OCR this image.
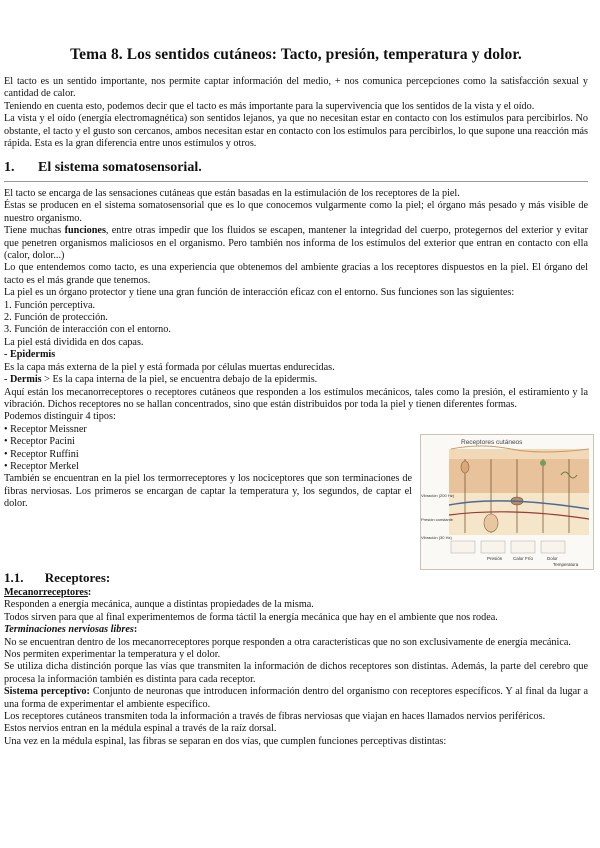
Tema 8. Los sentidos cutáneos: Tacto, presión, temperatura y dolor.

El tacto es un sentido importante, nos permite captar información del medio, + nos comunica percepciones como la satisfacción sexual y cantidad de calor.

Teniendo en cuenta esto, podemos decir que el tacto es más importante para la supervivencia que los sentidos de la vista y el oído.

La vista y el oído (energía electromagnética) son sentidos lejanos, ya que no necesitan estar en contacto con los estímulos para percibirlos. No obstante, el tacto y el gusto son cercanos, ambos necesitan estar en contacto con los estímulos para percibirlos, lo que supone una reacción más rápida. Esta es la gran diferencia entre unos estímulos y otros.

1. El sistema somatosensorial.

El tacto se encarga de las sensaciones cutáneas que están basadas en la estimulación de los receptores de la piel.

Éstas se producen en el sistema somatosensorial que es lo que conocemos vulgarmente como la piel; el órgano más pesado y más visible de nuestro organismo.

Tiene muchas funciones, entre otras impedir que los fluidos se escapen, mantener la integridad del cuerpo, protegernos del exterior y evitar que penetren organismos maliciosos en el organismo. Pero también nos informa de los estímulos del exterior que entran en contacto con ella (calor, dolor...)

Lo que entendemos como tacto, es una experiencia que obtenemos del ambiente gracias a los receptores dispuestos en la piel. El órgano del tacto es el más grande que tenemos.

La piel es un órgano protector y tiene una gran función de interacción eficaz con el entorno. Sus funciones son las siguientes:

1. Función perceptiva.

2. Función de protección.

3. Función de interacción con el entorno.

La piel está dividida en dos capas.

- Epidermis

Es la capa más externa de la piel y está formada por células muertas endurecidas.

- Dermis > Es la capa interna de la piel, se encuentra debajo de la epidermis.

Aquí están los mecanorreceptores o receptores cutáneos que responden a los estímulos mecánicos, tales como la presión, el estiramiento y la vibración. Dichos receptores no se hallan concentrados, sino que están distribuidos por toda la piel y tienen diferentes formas.

Podemos distinguir 4 tipos:

• Receptor Meissner

• Receptor Pacini

• Receptor Ruffini

• Receptor Merkel

También se encuentran en la piel los termorreceptores y los nociceptores que son terminaciones de fibras nerviosas. Los primeros se encargan de captar la temperatura y, los segundos, de captar el dolor.

Receptores cutáneos
Vibración (200 Hz)
Presión constante
Vibración (30 Hz)
Presión Calor Frío	Dolor
Temperatura
1.1. Receptores:

Mecanorreceptores:

Responden a energía mecánica, aunque a distintas propiedades de la misma.

Todos sirven para que al final experimentemos de forma táctil la energía mecánica que hay en el ambiente que nos rodea.

Terminaciones nerviosas libres:

No se encuentran dentro de los mecanorreceptores porque responden a otra características que no son exclusivamente de energía mecánica.

Nos permiten experimentar la temperatura y el dolor.

Se utiliza dicha distinción porque las vías que transmiten la información de dichos receptores son distintas. Además, la parte del cerebro que procesa la información también es distinta para cada receptor.

Sistema perceptivo: Conjunto de neuronas que introducen información dentro del organismo con receptores específicos. Y al final da lugar a una forma de experimentar el ambiente específico.

Los receptores cutáneos transmiten toda la información a través de fibras nerviosas que viajan en haces llamados nervios periféricos.

Estos nervios entran en la médula espinal a través de la raíz dorsal.

Una vez en la médula espinal, las fibras se separan en dos vías, que cumplen funciones perceptivas distintas:
